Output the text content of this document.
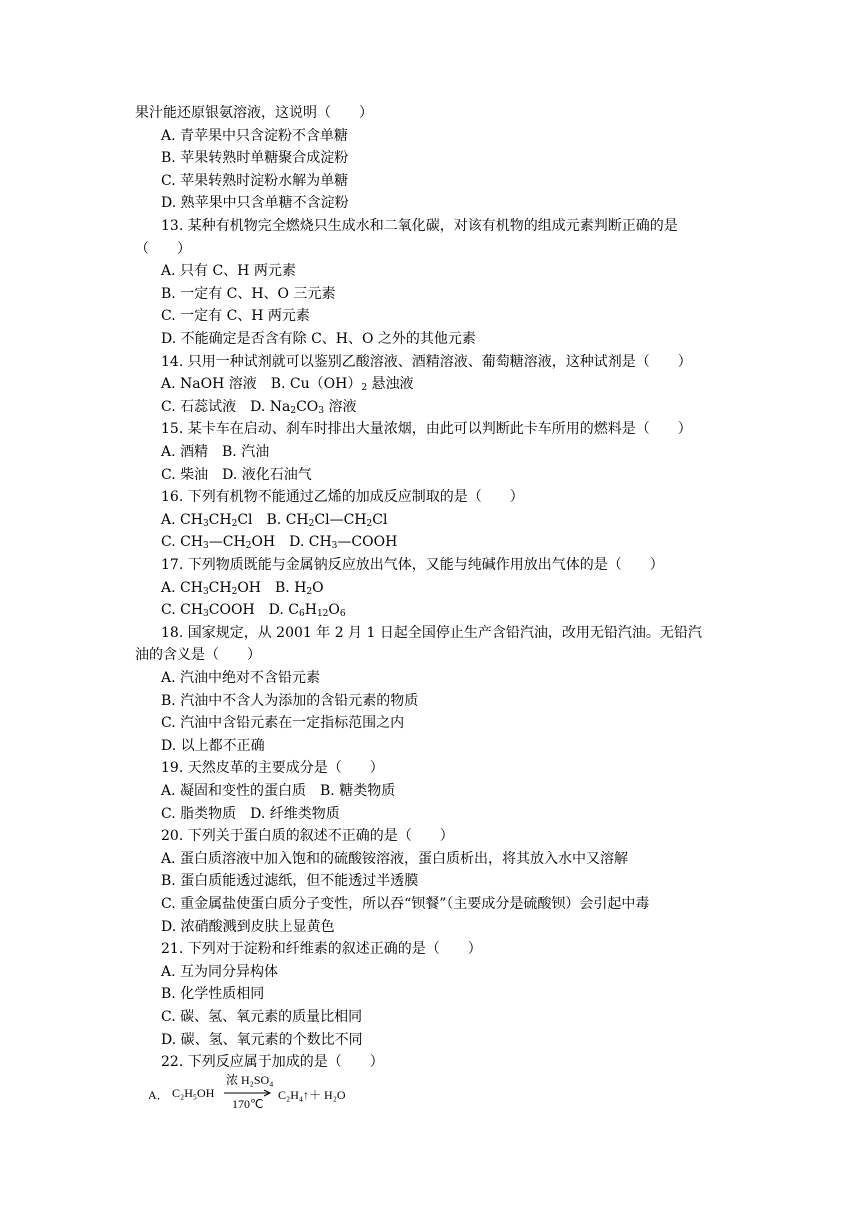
果汁能还原银氨溶液，这说明（　　）
A. 青苹果中只含淀粉不含单糖
B. 苹果转熟时单糖聚合成淀粉
C. 苹果转熟时淀粉水解为单糖
D. 熟苹果中只含单糖不含淀粉
13. 某种有机物完全燃烧只生成水和二氧化碳，对该有机物的组成元素判断正确的是
（　　）
A. 只有 C、H 两元素
B. 一定有 C、H、O 三元素
C. 一定有 C、H 两元素
D. 不能确定是否含有除 C、H、O 之外的其他元素
14. 只用一种试剂就可以鉴别乙酸溶液、酒精溶液、葡萄糖溶液，这种试剂是（　　）
A. NaOH 溶液　B. $Cu(OH)_2$ 悬浊液
C. 石蕊试液　D. $Na_2CO_3$ 溶液
15. 某卡车在启动、刹车时排出大量浓烟，由此可以判断此卡车所用的燃料是（　　）
A. 酒精　B. 汽油
C. 柴油　D. 液化石油气
16. 下列有机物不能通过乙烯的加成反应制取的是（　　）
A. $CH_3CH_2Cl$　B. $CH_2Cl—CH_2Cl$
C. $CH_3—CH_2OH$　D. $CH_3—COOH$
17. 下列物质既能与金属钠反应放出气体，又能与纯碱作用放出气体的是（　　）
A. $CH_3CH_2OH$　B. $H_2O$
C. $CH_3COOH$　D. $C_6H_{12}O_6$
18. 国家规定，从 2001 年 2 月 1 日起全国停止生产含铅汽油，改用无铅汽油。无铅汽
油的含义是（　　）
A. 汽油中绝对不含铅元素
B. 汽油中不含人为添加的含铅元素的物质
C. 汽油中含铅元素在一定指标范围之内
D. 以上都不正确
19. 天然皮革的主要成分是（　　）
A. 凝固和变性的蛋白质　B. 糖类物质
C. 脂类物质　D. 纤维类物质
20. 下列关于蛋白质的叙述不正确的是（　　）
A. 蛋白质溶液中加入饱和的硫酸铵溶液，蛋白质析出，将其放入水中又溶解
B. 蛋白质能透过滤纸，但不能透过半透膜
C. 重金属盐使蛋白质分子变性，所以吞“钡餐”（主要成分是硫酸钡）会引起中毒
D. 浓硝酸溅到皮肤上显黄色
21. 下列对于淀粉和纤维素的叙述正确的是（　　）
A. 互为同分异构体
B. 化学性质相同
C. 碳、氢、氧元素的质量比相同
D. 碳、氢、氧元素的个数比不同
22. 下列反应属于加成的是（　　）
A． C₂H₅OH
浓 H₂SO₄
170℃
C₂H₄↑＋ H₂O
